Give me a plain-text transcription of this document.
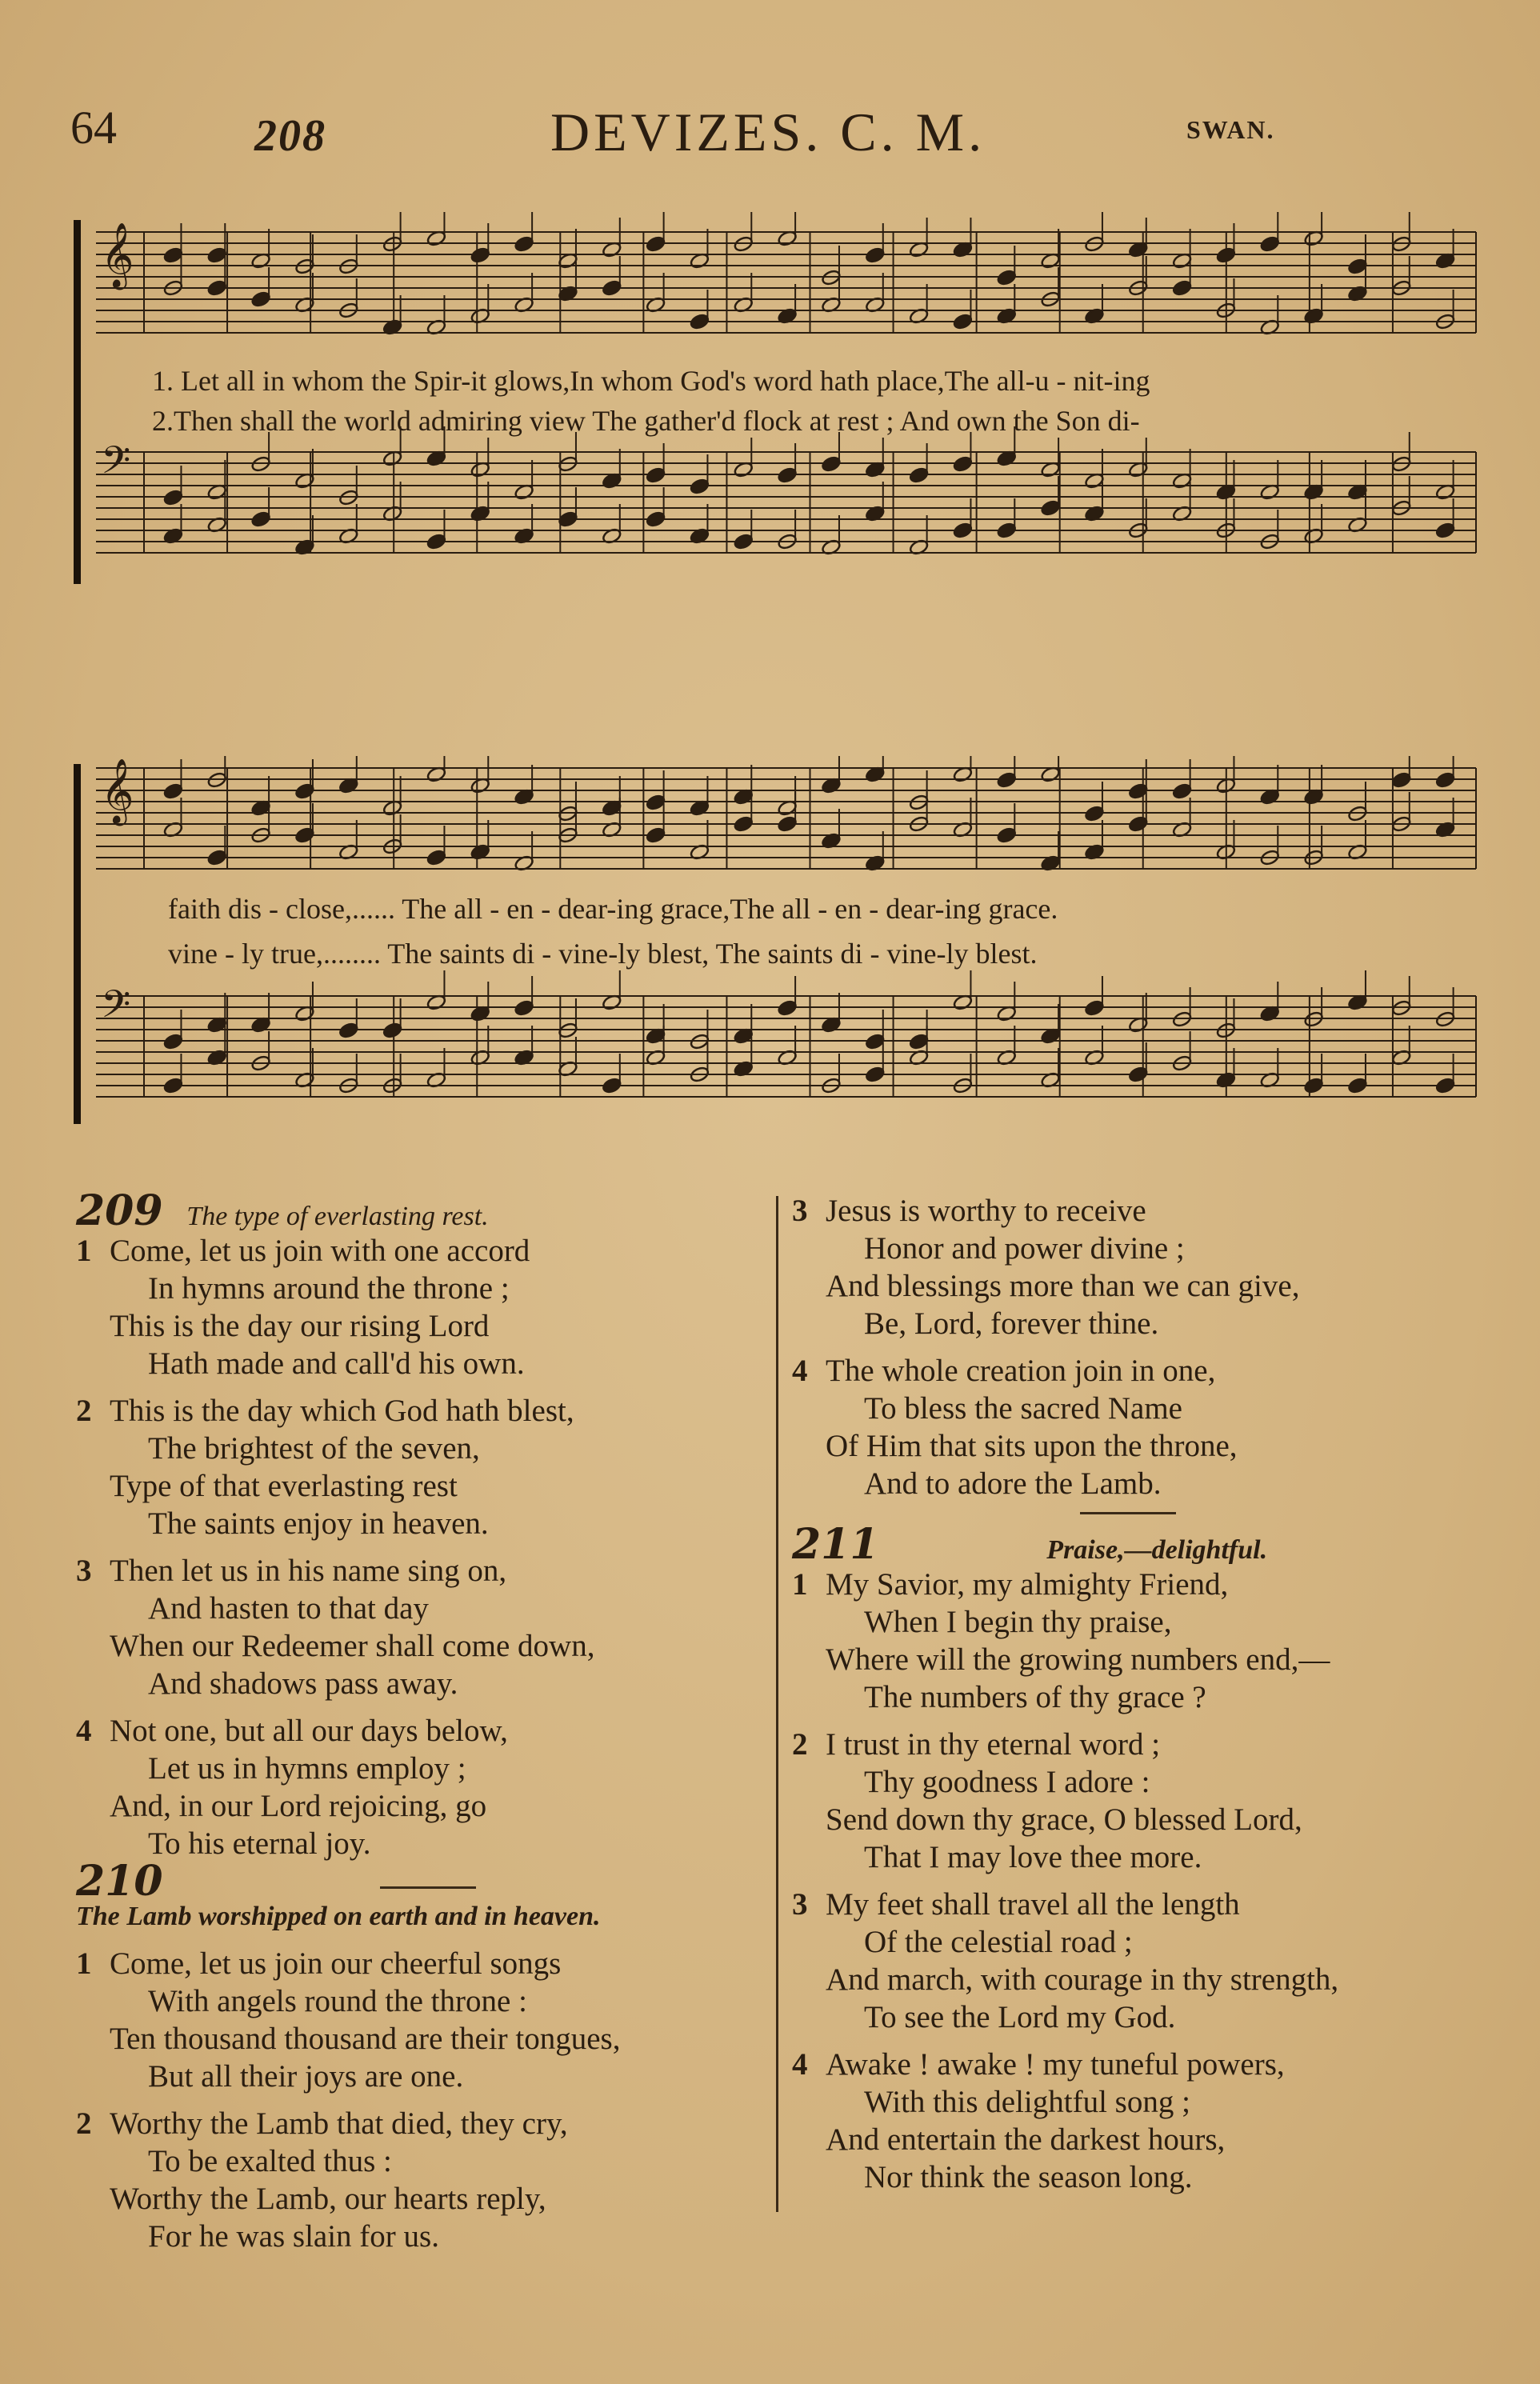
64	208	DEVIZES. C. M.	SWAN.
𝄞
𝄢
1. Let all in whom the Spir-it glows,In whom God's word hath place,The all-u - nit-ing
2.Then shall the world admiring view The gather'd flock at rest ; And own the Son di-
𝄞
𝄢
faith dis - close,...... The all - en - dear-ing grace,The all - en - dear-ing grace.
vine - ly true,........ The saints di - vine-ly blest, The saints di - vine-ly blest.
209 The type of everlasting rest.
1 Come, let us join with one accord
In hymns around the throne ;
This is the day our rising Lord
Hath made and call'd his own.
2 This is the day which God hath blest,
The brightest of the seven,
Type of that everlasting rest
The saints enjoy in heaven.
3 Then let us in his name sing on,
And hasten to that day
When our Redeemer shall come down,
And shadows pass away.
4 Not one, but all our days below,
Let us in hymns employ ;
And, in our Lord rejoicing, go
To his eternal joy.
210
The Lamb worshipped on earth and in heaven.
1 Come, let us join our cheerful songs
With angels round the throne :
Ten thousand thousand are their tongues,
But all their joys are one.
2 Worthy the Lamb that died, they cry,
To be exalted thus :
Worthy the Lamb, our hearts reply,
For he was slain for us.
3 Jesus is worthy to receive
Honor and power divine ;
And blessings more than we can give,
Be, Lord, forever thine.
4 The whole creation join in one,
To bless the sacred Name
Of Him that sits upon the throne,
And to adore the Lamb.
211	Praise,—delightful.
1 My Savior, my almighty Friend,
When I begin thy praise,
Where will the growing numbers end,—
The numbers of thy grace ?
2 I trust in thy eternal word ;
Thy goodness I adore :
Send down thy grace, O blessed Lord,
That I may love thee more.
3 My feet shall travel all the length
Of the celestial road ;
And march, with courage in thy strength,
To see the Lord my God.
4 Awake ! awake ! my tuneful powers,
With this delightful song ;
And entertain the darkest hours,
Nor think the season long.
